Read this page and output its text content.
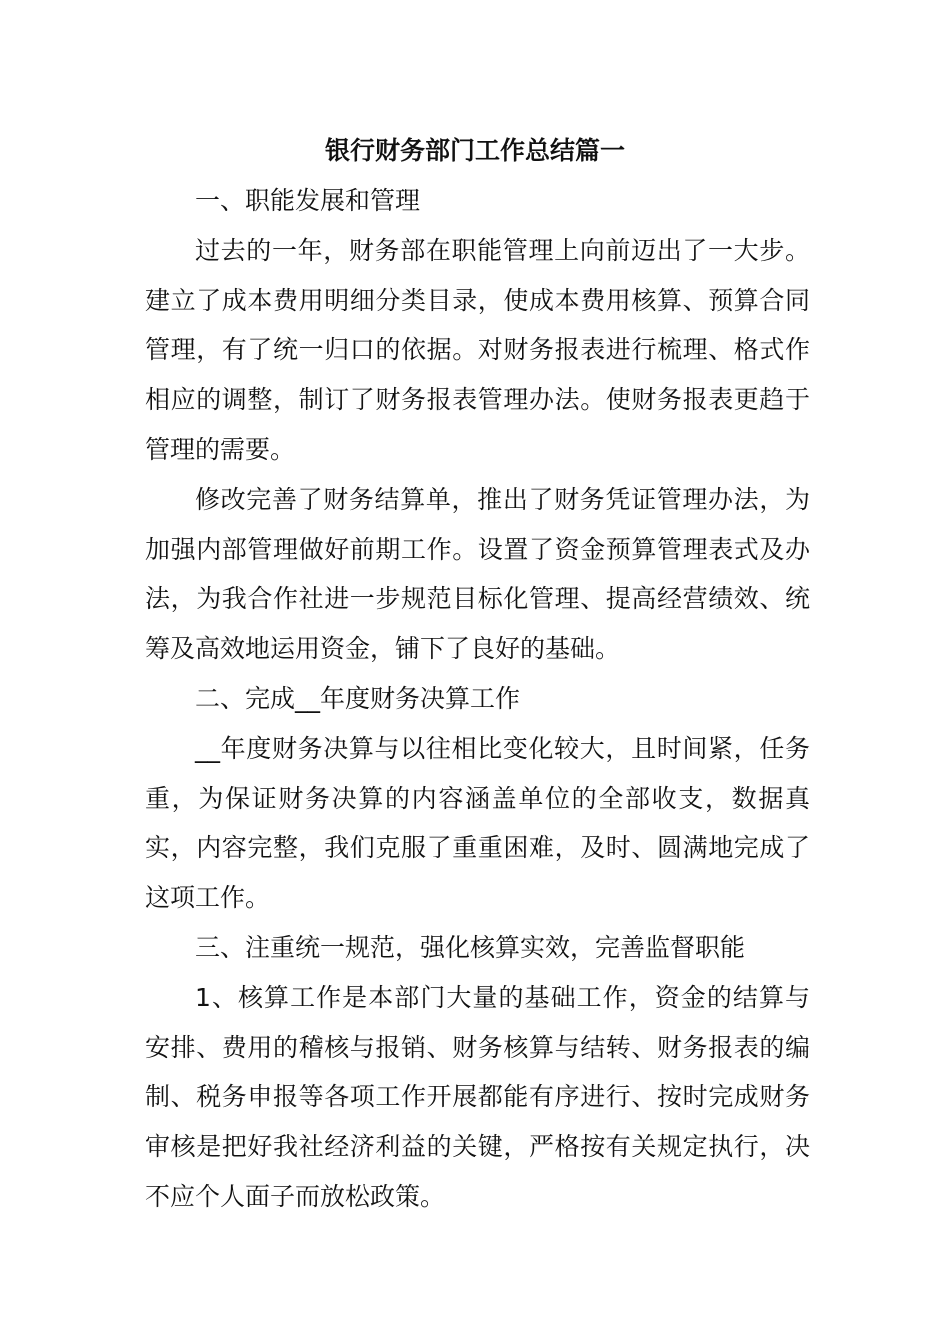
银行财务部门工作总结篇一

一、职能发展和管理

过去的一年，财务部在职能管理上向前迈出了一大步。建立了成本费用明细分类目录，使成本费用核算、预算合同管理，有了统一归口的依据。对财务报表进行梳理、格式作相应的调整，制订了财务报表管理办法。使财务报表更趋于管理的需要。

修改完善了财务结算单，推出了财务凭证管理办法，为加强内部管理做好前期工作。设置了资金预算管理表式及办法，为我合作社进一步规范目标化管理、提高经营绩效、统筹及高效地运用资金，铺下了良好的基础。

二、完成__年度财务决算工作

__年度财务决算与以往相比变化较大，且时间紧，任务重，为保证财务决算的内容涵盖单位的全部收支，数据真实，内容完整，我们克服了重重困难，及时、圆满地完成了这项工作。

三、注重统一规范，强化核算实效，完善监督职能

1、核算工作是本部门大量的基础工作，资金的结算与安排、费用的稽核与报销、财务核算与结转、财务报表的编制、税务申报等各项工作开展都能有序进行、按时完成财务审核是把好我社经济利益的关键，严格按有关规定执行，决不应个人面子而放松政策。
